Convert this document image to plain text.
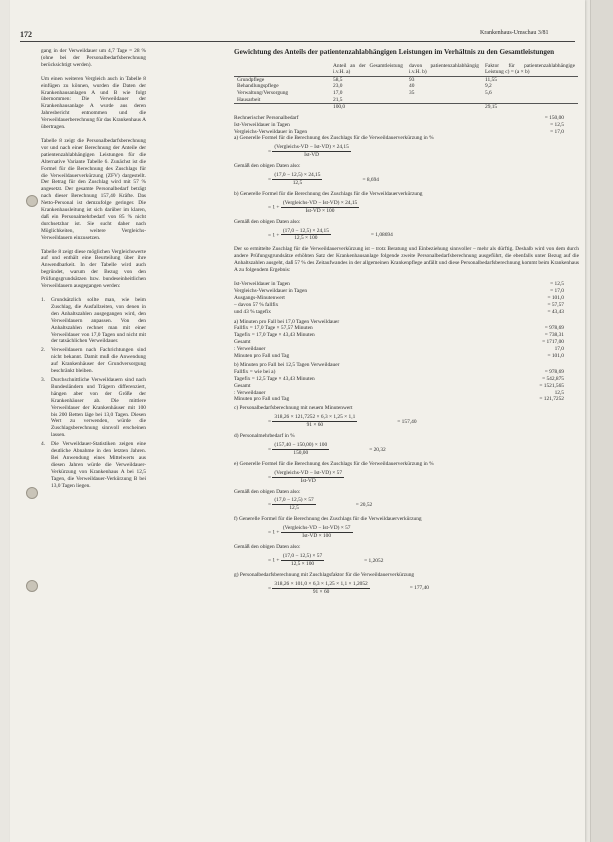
172	Krankenhaus-Umschau 3/81

gang in der Verweildauer um 4,7 Tage = 28 % (ohne bei der Personalbedarfsberechnung berücksichtigt werden).

Um einen weiteren Vergleich auch in Tabelle 8 einfügen zu können, wurden die Daten der Krankenhausanlagen A und B wie folgt übernommen: Die Verweildauer der Krankenhausanlage A wurde aus deren Jahresbericht entnommen und die Verweildauerberechnung für das Krankenhaus A übertragen.

Tabelle 8 zeigt die Personalbedarfsberechnung vor und nach einer Berechnung der Anteile der patientenzahlabhängigen Leistungen für die Alternative Variante Tabelle 6. Zunächst ist die Formel für die Berechnung des Zuschlags für die Verweildauerverkürzung (ZFV) dargestellt. Der Betrag für den Zuschlag wird mit 57 % angesetzt. Der gesamte Personalbedarf beträgt nach dieser Berechnung 157,40 Kräfte. Das Netto-Personal ist demzufolge geringer. Die Krankenhausleitung ist sich darüber im klaren, daß ein Personalmehrbedarf von 85 % nicht durchsetzbar ist. Sie sucht daher nach Möglichkeiten, weitere Vergleichs-Verweildauern einzusetzen.

Tabelle 8 zeigt diese möglichen Vergleichswerte auf und enthält eine Beurteilung über ihre Anwendbarkeit. In der Tabelle wird auch begründet, warum der Bezug von den Prüfungsgrundsätzen bzw. bundeseinheitlichen Verweildauern ausgegangen werden:

1.	Grundsätzlich sollte man, wie beim Zuschlag, die Ausfallzeiten, von denen in den Anhaltszahlen ausgegangen wird, den Verweildauern anpassen. Von den Anhaltszahlen rechnet man mit einer Verweildauer von 17,0 Tagen und nicht mit der tatsächlichen Verweildauer.
2.	Verweildauern nach Fachrichtungen sind nicht bekannt. Damit muß die Anwendung auf Krankenhäuser der Grundversorgung beschränkt bleiben.
3.	Durchschnittliche Verweildauern sind nach Bundesländern und Trägern differenziert, hängen aber von der Größe der Krankenhäuser ab. Die mittlere Verweildauer der Krankenhäuser mit 100 bis 200 Betten läge bei 13,0 Tagen. Diesen Wert zu verwenden, würde die Zuschlagsberechnung sinnvoll erscheinen lassen.
4.	Die Verweildauer-Statistiken zeigen eine deutliche Abnahme in den letzten Jahren. Bei Anwendung eines Mittelwerts aus diesen Jahren würde die Verweildauer-Verkürzung von Krankenhaus A bei 12,5 Tagen, die Verweildauer-Verkürzung B bei 13,0 Tagen liegen.
Gewichtung des Anteils der patientenzahlabhängigen Leistungen im Verhältnis zu den Gesamtleistungen
	Anteil an der Gesamtleistung i.v.H. a)	davon patientenzahlabhängig i.v.H. b)	Faktor für patientenzahlabhängige Leistung c) = (a × b)
Grundpflege	58,5	93	11,55
Behandlungspflege	23,0	40	9,2
Verwaltung/Versorgung	17,0	35	5,6
Hausarbeit	21,5		
	100,0		29,15
Rechnerischer Personalbedarf	= 150,00
Ist-Verweildauer in Tagen	= 12,5
Vergleichs-Verweildauer in Tagen	= 17,0
a) Generelle Formel für die Berechnung des Zuschlags für die Verweildauerverkürzung in %
= $\frac{\text{(Vergleichs-VD − Ist-VD) × 24,15}}{\text{Ist-VD}}$
Gemäß den obigen Daten also:
= $\frac{(17,0 - 12,5) \times 24,15}{12,5}$	= 8,694
b) Generelle Formel für die Berechnung des Zuschlags für die Verweildauerverkürzung
= $1 + \frac{\text{(Vergleichs-VD − Ist-VD) × 24,15}}{\text{Ist-VD × 100}}$
Gemäß den obigen Daten also:
= $1 + \frac{(17,0 - 12,5) \times 24,15}{12,5 \times 100}$	= 1,08694

Der so ermittelte Zuschlag für die Verweildauerverkürzung ist – trotz Beratung und Einbeziehung sinnvoller – mehr als dürftig. Deshalb wird von dem durch andere Prüfungsgrundsätze erhöhten Satz der Krankenhausanlage folgende zweite Personalbedarfsberechnung ausgeführt, die ebenfalls unter Bezug auf die Anhaltszahlen ausgeht, daß 57 % des Zeitaufwandes in der allgemeinen Krankenpflege anfällt und diese Personalbedarfsberechnung kommt beim Krankenhaus A zu folgendem Ergebnis:

Ist-Verweildauer in Tagen	= 12,5
Vergleichs-Verweildauer in Tagen	= 17,0
Ausgangs-Minutenwert	= 101,0
– davon 57 % fallfix	= 57,57
und 43 % tagefix	= 43,43
a) Minuten pro Fall bei 17,0 Tagen Verweildauer
Fallfix = 17,0 Tage × 57,57 Minuten	= 978,69
Tagefix = 17,0 Tage × 43,43 Minuten	= 738,31
Gesamt	= 1717,00
: Verweildauer	17,0
Minuten pro Fall und Tag	= 101,0
b) Minuten pro Fall bei 12,5 Tagen Verweildauer
Fallfix = wie bei a)	= 978,69
Tagefix = 12,5 Tage × 43,43 Minuten	= 542,875
Gesamt	= 1521,565
: Verweildauer	12,5
Minuten pro Fall und Tag	= 121,7252
c) Personalbedarfsberechnung mit neuem Minutenwert
= $\frac{318,26 \times 121,7252 \times 6,3 \times 1,25 \times 1,1}{91 \times 60}$	= 157,40
d) Personalmehrbedarf in %
= $\frac{(157,40 - 150,00) \times 100}{150,00}$	= 20,32
e) Generelle Formel für die Berechnung des Zuschlags für die Verweildauerverkürzung in %
= $\frac{\text{(Vergleichs-VD − Ist-VD) × 57}}{\text{Ist-VD}}$
Gemäß den obigen Daten also:
= $\frac{(17,0 - 12,5) \times 57}{12,5}$	= 20,52
f) Generelle Formel für die Berechnung des Zuschlags für die Verweildauerverkürzung
= $1 + \frac{\text{(Vergleichs-VD − Ist-VD) × 57}}{\text{Ist-VD × 100}}$
Gemäß den obigen Daten also:
= $1 + \frac{(17,0 - 12,5) \times 57}{12,5 \times 100}$	= 1,2052
g) Personalbedarfsberechnung mit Zuschlagsfaktor für die Verweildauerverkürzung
= $\frac{318,26 \times 101,0 \times 6,3 \times 1,25 \times 1,1 \times 1,2052}{91 \times 60}$	= 177,40
